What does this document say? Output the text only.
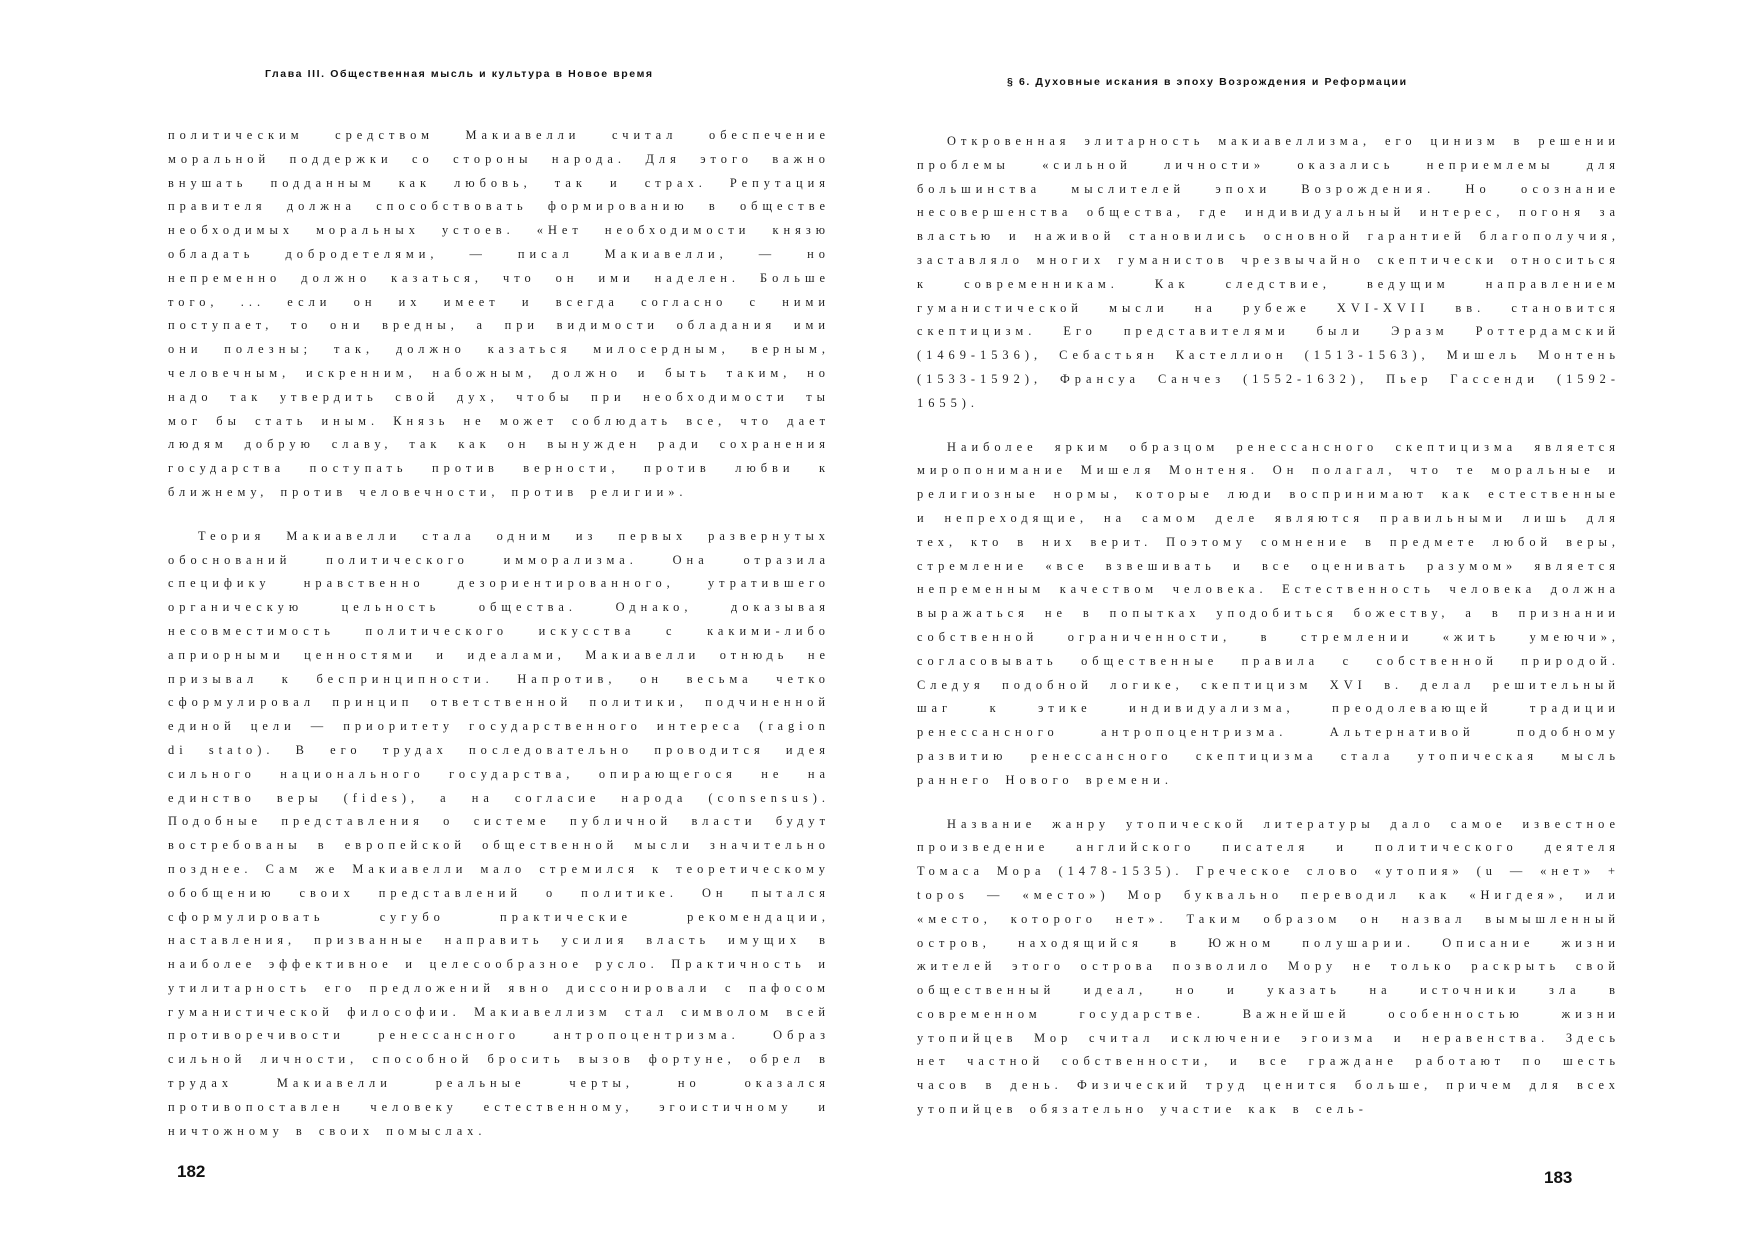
Глава III. Общественная мысль и культура в Новое время

политическим средством Макиавелли считал обеспечение моральной поддержки со стороны народа. Для этого важно внушать подданным как любовь, так и страх. Репутация правителя должна способствовать формированию в обществе необходимых моральных устоев. «Нет необходимости князю обладать добродетелями, — писал Макиавелли, — но непременно должно казаться, что он ими наделен. Больше того, ... если он их имеет и всегда согласно с ними поступает, то они вредны, а при видимости обладания ими они полезны; так, должно казаться милосердным, верным, человечным, искренним, набожным, должно и быть таким, но надо так утвердить свой дух, чтобы при необходимости ты мог бы стать иным. Князь не может соблюдать все, что дает людям добрую славу, так как он вынужден ради сохранения государства поступать против верности, против любви к ближнему, против человечности, против религии».

Теория Макиавелли стала одним из первых развернутых обоснований политического имморализма. Она отразила специфику нравственно дезориентированного, утратившего органическую цельность общества. Однако, доказывая несовместимость политического искусства с какими-либо априорными ценностями и идеалами, Макиавелли отнюдь не призывал к беспринципности. Напротив, он весьма четко сформулировал принцип ответственной политики, подчиненной единой цели — приоритету государственного интереса (ragion di stato). В его трудах последовательно проводится идея сильного национального государства, опирающегося не на единство веры (fides), а на согласие народа (consensus). Подобные представления о системе публичной власти будут востребованы в европейской общественной мысли значительно позднее. Сам же Макиавелли мало стремился к теоретическому обобщению своих представлений о политике. Он пытался сформулировать сугубо практические рекомендации, наставления, призванные направить усилия власть имущих в наиболее эффективное и целесообразное русло. Практичность и утилитарность его предложений явно диссонировали с пафосом гуманистической философии. Макиавеллизм стал символом всей противоречивости ренессансного антропоцентризма. Образ сильной личности, способной бросить вызов фортуне, обрел в трудах Макиавелли реальные черты, но оказался противопоставлен человеку естественному, эгоистичному и ничтожному в своих помыслах.

182
§ 6. Духовные искания в эпоху Возрождения и Реформации

Откровенная элитарность макиавеллизма, его цинизм в решении проблемы «сильной личности» оказались неприемлемы для большинства мыслителей эпохи Возрождения. Но осознание несовершенства общества, где индивидуальный интерес, погоня за властью и наживой становились основной гарантией благополучия, заставляло многих гуманистов чрезвычайно скептически относиться к современникам. Как следствие, ведущим направлением гуманистической мысли на рубеже XVI-XVII вв. становится скептицизм. Его представителями были Эразм Роттердамский (1469-1536), Себастьян Кастеллион (1513-1563), Мишель Монтень (1533-1592), Франсуа Санчез (1552-1632), Пьер Гассенди (1592-1655).

Наиболее ярким образцом ренессансного скептицизма является миропонимание Мишеля Монтеня. Он полагал, что те моральные и религиозные нормы, которые люди воспринимают как естественные и непреходящие, на самом деле являются правильными лишь для тех, кто в них верит. Поэтому сомнение в предмете любой веры, стремление «все взвешивать и все оценивать разумом» является непременным качеством человека. Естественность человека должна выражаться не в попытках уподобиться божеству, а в признании собственной ограниченности, в стремлении «жить умеючи», согласовывать общественные правила с собственной природой. Следуя подобной логике, скептицизм XVI в. делал решительный шаг к этике индивидуализма, преодолевающей традиции ренессансного антропоцентризма. Альтернативой подобному развитию ренессансного скептицизма стала утопическая мысль раннего Нового времени.

Название жанру утопической литературы дало самое известное произведение английского писателя и политического деятеля Томаса Мора (1478-1535). Греческое слово «утопия» (u — «нет» + topos — «место») Мор буквально переводил как «Нигдея», или «место, которого нет». Таким образом он назвал вымышленный остров, находящийся в Южном полушарии. Описание жизни жителей этого острова позволило Мору не только раскрыть свой общественный идеал, но и указать на источники зла в современном государстве. Важнейшей особенностью жизни утопийцев Мор считал исключение эгоизма и неравенства. Здесь нет частной собственности, и все граждане работают по шесть часов в день. Физический труд ценится больше, причем для всех утопийцев обязательно участие как в сель-

183
